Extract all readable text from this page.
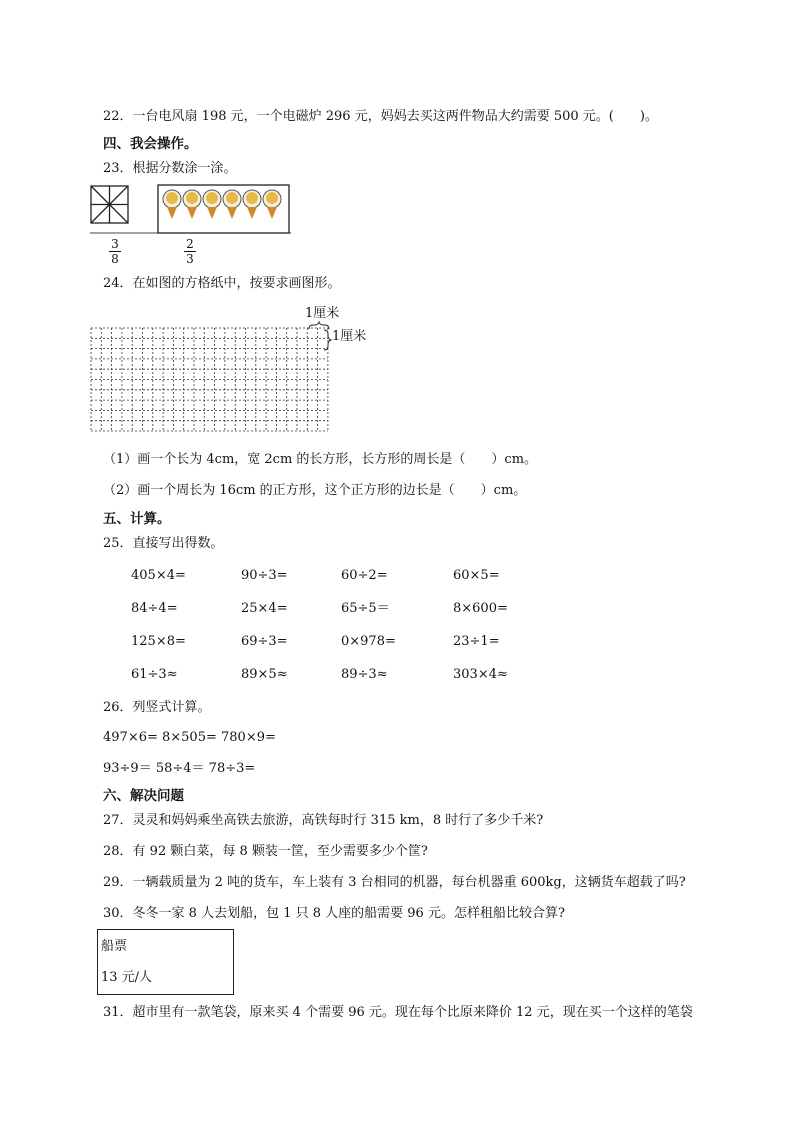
22．一台电风扇 198 元，一个电磁炉 296 元，妈妈去买这两件物品大约需要 500 元。(　　)。
四、我会操作。
23．根据分数涂一涂。
3
8
2
3
24．在如图的方格纸中，按要求画图形。
1厘米
1厘米
（1）画一个长为 4cm，宽 2cm 的长方形，长方形的周长是（　　）cm。
（2）画一个周长为 16cm 的正方形，这个正方形的边长是（　　）cm。
五、计算。
25．直接写出得数。
405×4=	90÷3=	60÷2=	60×5=
84÷4=	25×4=	65÷5＝	8×600=
125×8=	69÷3=	0×978=	23÷1=
61÷3≈	89×5≈	89÷3≈	303×4≈
26．列竖式计算。
497×6= 8×505= 780×9=
93÷9＝ 58÷4＝ 78÷3=
六、解决问题
27．灵灵和妈妈乘坐高铁去旅游，高铁每时行 315 km，8 时行了多少千米?
28．有 92 颗白菜，每 8 颗装一筐，至少需要多少个筐?
29．一辆载质量为 2 吨的货车，车上装有 3 台相同的机器，每台机器重 600kg，这辆货车超载了吗?
30．冬冬一家 8 人去划船，包 1 只 8 人座的船需要 96 元。怎样租船比较合算?
船票
13 元/人
31．超市里有一款笔袋，原来买 4 个需要 96 元。现在每个比原来降价 12 元，现在买一个这样的笔袋
